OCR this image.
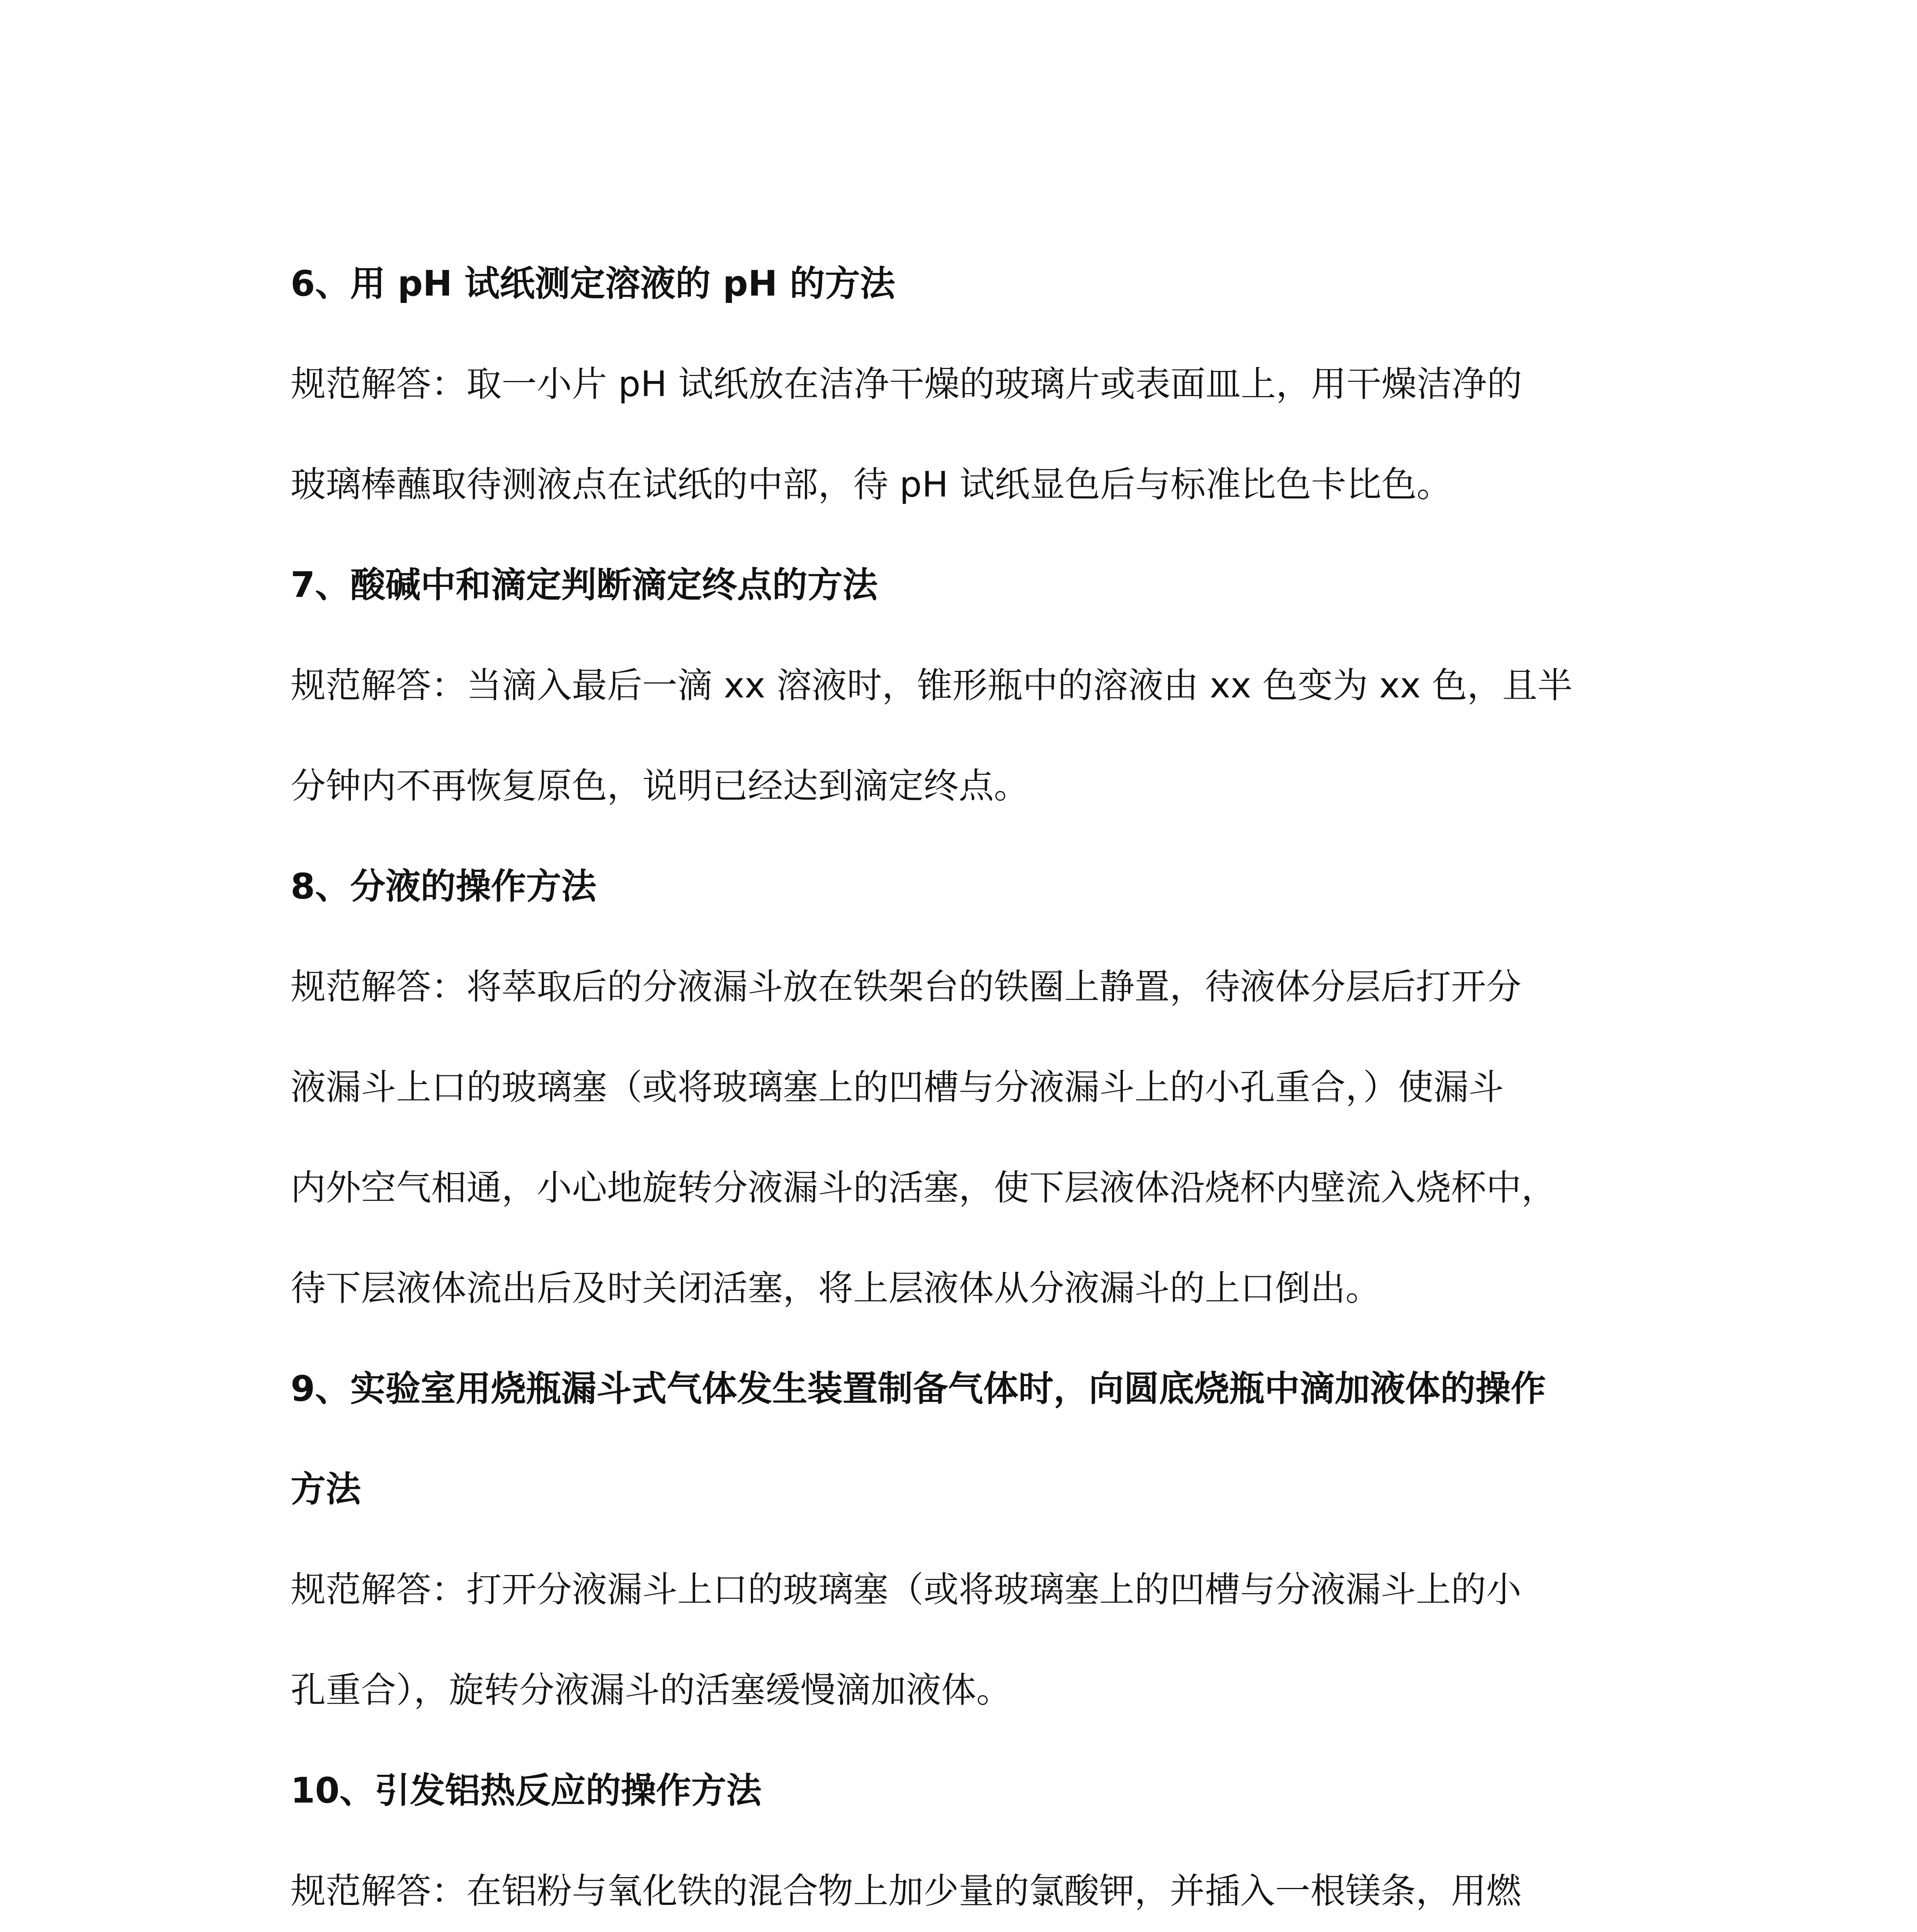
6、用 pH 试纸测定溶液的 pH 的方法

规范解答：取一小片 pH 试纸放在洁净干燥的玻璃片或表面皿上，用干燥洁净的

玻璃棒蘸取待测液点在试纸的中部，待 pH 试纸显色后与标准比色卡比色。

7、酸碱中和滴定判断滴定终点的方法

规范解答：当滴入最后一滴 xx 溶液时，锥形瓶中的溶液由 xx 色变为 xx 色，且半

分钟内不再恢复原色，说明已经达到滴定终点。

8、分液的操作方法

规范解答：将萃取后的分液漏斗放在铁架台的铁圈上静置，待液体分层后打开分

液漏斗上口的玻璃塞（或将玻璃塞上的凹槽与分液漏斗上的小孔重合，）使漏斗

内外空气相通，小心地旋转分液漏斗的活塞，使下层液体沿烧杯内壁流入烧杯中，

待下层液体流出后及时关闭活塞，将上层液体从分液漏斗的上口倒出。

9、实验室用烧瓶漏斗式气体发生装置制备气体时，向圆底烧瓶中滴加液体的操作

方法

规范解答：打开分液漏斗上口的玻璃塞（或将玻璃塞上的凹槽与分液漏斗上的小

孔重合），旋转分液漏斗的活塞缓慢滴加液体。

10、引发铝热反应的操作方法

规范解答：在铝粉与氧化铁的混合物上加少量的氯酸钾，并插入一根镁条，用燃
